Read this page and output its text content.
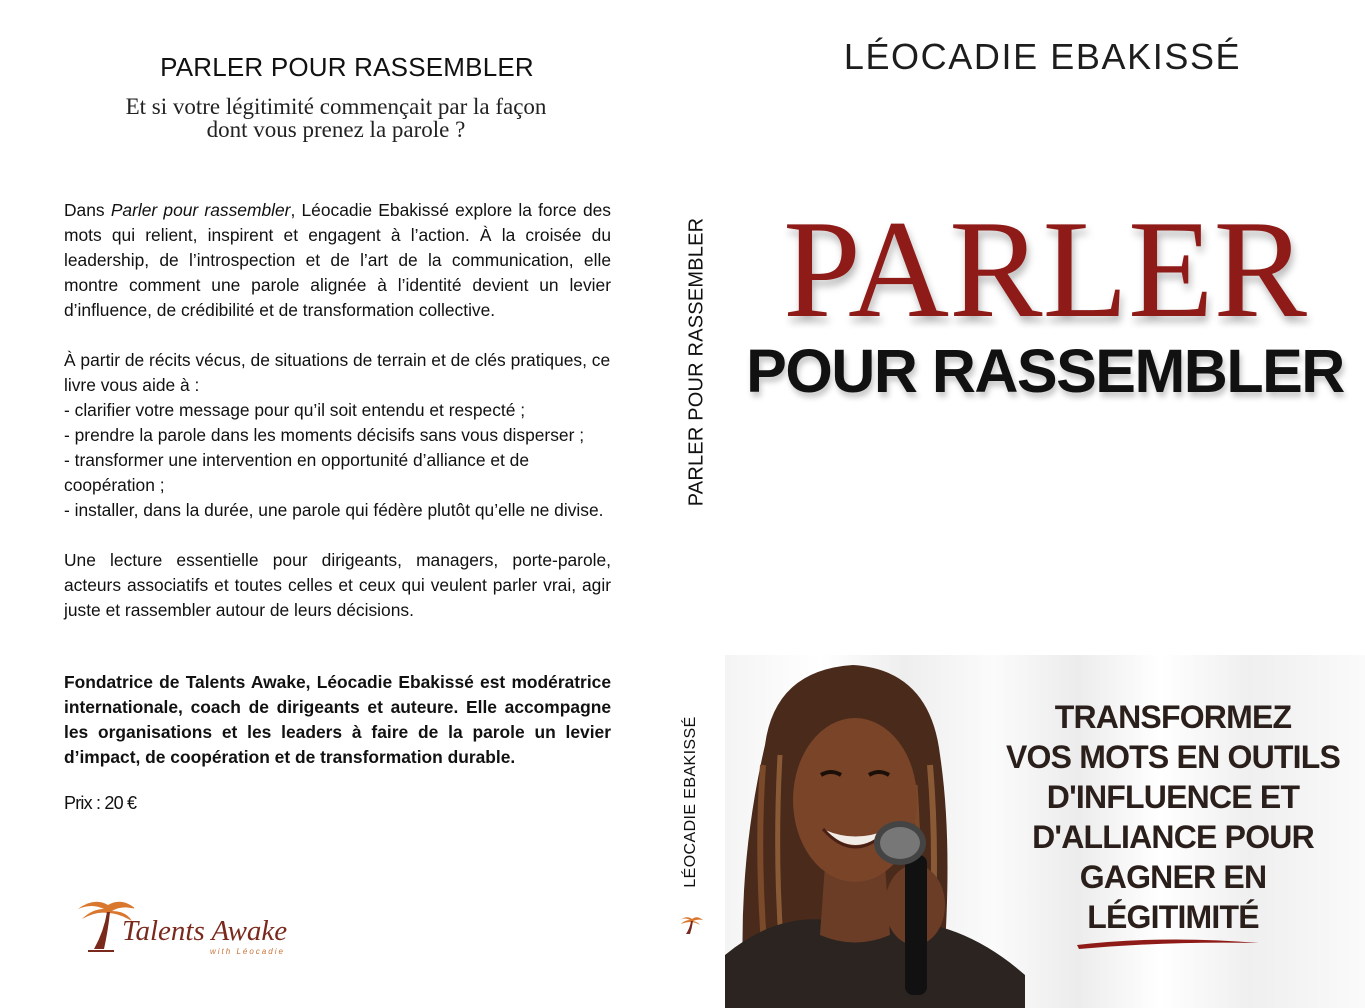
PARLER POUR RASSEMBLER
Et si votre légitimité commençait par la façon
dont vous prenez la parole ?

Dans Parler pour rassembler, Léocadie Ebakissé explore la force des mots qui relient, inspirent et engagent à l’action. À la croisée du leadership, de l’introspection et de l’art de la communication, elle montre comment une parole alignée à l’identité devient un levier d’influence, de crédibilité et de transformation collective.

À partir de récits vécus, de situations de terrain et de clés pratiques, ce livre vous aide à :

- clarifier votre message pour qu’il soit entendu et respecté ;

- prendre la parole dans les moments décisifs sans vous disperser ;

- transformer une intervention en opportunité d’alliance et de coopération ;

- installer, dans la durée, une parole qui fédère plutôt qu’elle ne divise.

Une lecture essentielle pour dirigeants, managers, porte-parole, acteurs associatifs et toutes celles et ceux qui veulent parler vrai, agir juste et rassembler autour de leurs décisions.

Fondatrice de Talents Awake, Léocadie Ebakissé est modératrice internationale, coach de dirigeants et auteure. Elle accompagne les organisations et les leaders à faire de la parole un levier d’impact, de coopération et de transformation durable.
Prix : 20 €
Talents Awake
with Léocadie
PARLER POUR RASSEMBLER
LÉOCADIE EBAKISSÉ
LÉOCADIE EBAKISSÉ
PARLER
POUR RASSEMBLER
TRANSFORMEZ
VOS MOTS EN OUTILS
D'INFLUENCE ET
D'ALLIANCE POUR
GAGNER EN
LÉGITIMITÉ
